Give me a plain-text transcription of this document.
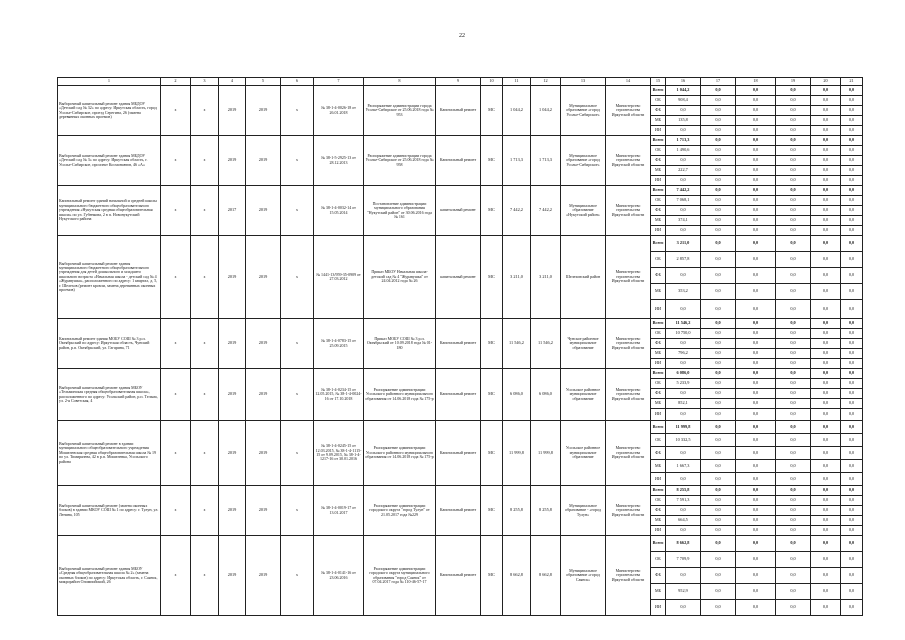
22
1	2	3	4	5	6	7	8	9	10	11	12	13	14	15	16	17	18	19	20	21

Выборочный капитальный ремонт здания МБДОУ «Детский сад № 32» по адресу: Иркутская область, город Усолье-Сибирское, проезд Серегина, 26 (замена деревянных оконных проемов)	x	x	2019	2019	x	№ 38-1-4-0026-18 от 26.01.2018	Распоряжение администрации города Усолье-Сибирское от 25.06.2018 года № 953	Капитальный ремонт	МС	1 044,2	1 044,2	Муниципальное образование «город Усолье-Сибирское»	Министерство строительства Иркутской области	Всего	1 044,2	0,0	0,0	0,0	0,0	0,0

														ОБ	908,4	0,0	0,0	0,0	0,0	0,0

														ФБ	0,0	0,0	0,0	0,0	0,0	0,0

														МБ	135,8	0,0	0,0	0,0	0,0	0,0

														ИИ	0,0	0,0	0,0	0,0	0,0	0,0

Выборочный капитальный ремонт здания МБДОУ «Детский сад № 3» по адресу: Иркутская область, г. Усолье-Сибирское, проспект Космонавтов, 46 «А»	x	x	2019	2019	x	№ 38-1-5-2925-13 от 28.12.2013	Распоряжение администрации города Усолье-Сибирское от 25.06.2018 года № 958	Капитальный ремонт	МС	1 713,3	1 713,3	Муниципальное образование «город Усолье-Сибирское»	Министерство строительства Иркутской области	Всего	1 713,3	0,0	0,0	0,0	0,0	0,0

														ОБ	1 490,6	0,0	0,0	0,0	0,0	0,0

														ФБ	0,0	0,0	0,0	0,0	0,0	0,0

														МБ	222,7	0,0	0,0	0,0	0,0	0,0

														ИИ	0,0	0,0	0,0	0,0	0,0	0,0

Капитальный ремонт зданий начальной и средней школы муниципального бюджетного общеобразовательного учреждения «Нукутская средняя общеобразовательная школа» по ул. Губенкова, 2 в п. Новонукутский Нукутского района	x	x	2017	2019	x	№ 38-1-4-0032-14 от 15.05.2014	Постановление администрации муниципального образования "Нукутский район" от 30.06.2016 года № 161	капитальный ремонт	МС	7 442,2	7 442,2	Муниципальное образование «Нукутский район»	Министерство строительства Иркутской области	Всего	7 442,2	0,0	0,0	0,0	0,0	0,0

														ОБ	7 068,1	0,0	0,0	0,0	0,0	0,0

														ФБ	0,0	0,0	0,0	0,0	0,0	0,0

														МБ	374,1	0,0	0,0	0,0	0,0	0,0

														ИИ	0,0	0,0	0,0	0,0	0,0	0,0

Выборочный капитальный ремонт здания муниципального бюджетного общеобразовательного учреждения для детей дошкольного и младшего школьного возраста «Начальная школа - детский сад № 4 «Журавушка», расположенного по адресу: 1 квартал, д. 5, г. Шелехов (ремонт кровли, замена деревянных оконных проемов)	x	x	2019	2019	x	№ 1441-13/959-35-0909 от 27.03.2012	Приказ МБОУ Начальная школа-детский сад № 4 "Журавушка" от 24.04.2012 года № 26	капитальный ремонт	МС	3 211,0	3 211,0	Шелеховский район	Министерство строительства Иркутской области	Всего	3 211,0	0,0	0,0	0,0	0,0	0,0

														ОБ	2 857,8	0,0	0,0	0,0	0,0	0,0

														ФБ	0,0	0,0	0,0	0,0	0,0	0,0

														МБ	353,2	0,0	0,0	0,0	0,0	0,0

														ИИ	0,0	0,0	0,0	0,0	0,0	0,0

Капитальный ремонт здания МОБУ СОШ № 3 р.п. Октябрьский по адресу: Иркутская область, Чунский район, р.п. Октябрьский, ул. Гагарина, 71	x	x	2019	2019	x	№ 38-1-4-0783-15 от 25.09.2015	Приказ МОБУ СОШ № 3 р.п. Октябрьский от 10.09.2018 года № 01-180	Капитальный ремонт	МС	11 546,2	11 546,2	Чунское районное муниципальное образование	Министерство строительства Иркутской области	Всего	11 546,2	0,0	0,0	0,0	0,0	0,0

														ОБ	10 750,0	0,0	0,0	0,0	0,0	0,0

														ФБ	0,0	0,0	0,0	0,0	0,0	0,0

														МБ	796,2	0,0	0,0	0,0	0,0	0,0

														ИИ	0,0	0,0	0,0	0,0	0,0	0,0

Выборочный капитальный ремонт здания МБОУ «Тельминская средняя общеобразовательная школа», расположенного по адресу: Усольский район, р.п. Тельма, ул. 2-я Советская, 4	x	x	2019	2019	x	№ 38-1-4-0234-15 от 12.05.2015, № 38-1-4-0024-16 от 17.10.2018	Распоряжение администрации Усольского районного муниципального образования от 14.06.2018 года № 175-р	Капитальный ремонт	МС	6 086,0	6 086,0	Усольское районное муниципальное образование	Министерство строительства Иркутской области	Всего	6 086,0	0,0	0,0	0,0	0,0	0,0

														ОБ	5 233,9	0,0	0,0	0,0	0,0	0,0

														ФБ	0,0	0,0	0,0	0,0	0,0	0,0

														МБ	852,1	0,0	0,0	0,0	0,0	0,0

														ИИ	0,0	0,0	0,0	0,0	0,0	0,0

Выборочный капитальный ремонт в здании муниципального общеобразовательного учреждения Мишелевская средняя общеобразовательная школа № 19 по ул. Тимирязева, 42 в р.п. Мишелевка, Усольского района	x	x	2019	2019	x	№ 38-1-4-0245-15 от 12.03.2015, № 38-1-4-1115-15 от 9.09.2015, № 38-1-4-1217-16 от 30.01.2016	Распоряжение администрации Усольского районного муниципального образования от 14.06.2018 года № 175-р	Капитальный ремонт	МС	11 999,8	11 999,8	Усольское районное муниципальное образование	Министерство строительства Иркутской области	Всего	11 999,8	0,0	0,0	0,0	0,0	0,0

														ОБ	10 332,5	0,0	0,0	0,0	0,0	0,0

														ФБ	0,0	0,0	0,0	0,0	0,0	0,0

														МБ	1 667,3	0,0	0,0	0,0	0,0	0,0

														ИИ	0,0	0,0	0,0	0,0	0,0	0,0

Выборочный капитальный ремонт (замена оконных блоков) в здании МКОУ СОШ № 1 по адресу: г. Тулун, ул. Ленина, 105	x	x	2019	2019	x	№ 38-1-4-0019-17 от 13.01.2017	Распоряжение администрации городского округа "город Тулун" от 21.05.2017 года №229	Капитальный ремонт	МС	8 255,8	8 255,8	Муниципальное образование - «город Тулун»	Министерство строительства Иркутской области	Всего	8 255,8	0,0	0,0	0,0	0,0	0,0

														ОБ	7 591,3	0,0	0,0	0,0	0,0	0,0

														ФБ	0,0	0,0	0,0	0,0	0,0	0,0

														МБ	664,5	0,0	0,0	0,0	0,0	0,0

														ИИ	0,0	0,0	0,0	0,0	0,0	0,0

Выборочный капитальный ремонт здания МБОУ «Средняя общеобразовательная школа № 2» (замена оконных блоков) по адресу: Иркутская область, г. Саянск, микрорайон Олимпийский, 26	x	x	2019	2019	x	№ 38-1-4-0141-16 от 23.06.2016	Распоряжение администрации городского округа муниципального образования "город Саянск" от 07.04.2017 года № 110-46-57-17	Капитальный ремонт	МС	8 662,8	8 662,8	Муниципальное образование «город Саянск»	Министерство строительства Иркутской области	Всего	8 662,8	0,0	0,0	0,0	0,0	0,0

														ОБ	7 709,9	0,0	0,0	0,0	0,0	0,0

														ФБ	0,0	0,0	0,0	0,0	0,0	0,0

														МБ	952,9	0,0	0,0	0,0	0,0	0,0

														ИИ	0,0	0,0	0,0	0,0	0,0	0,0
